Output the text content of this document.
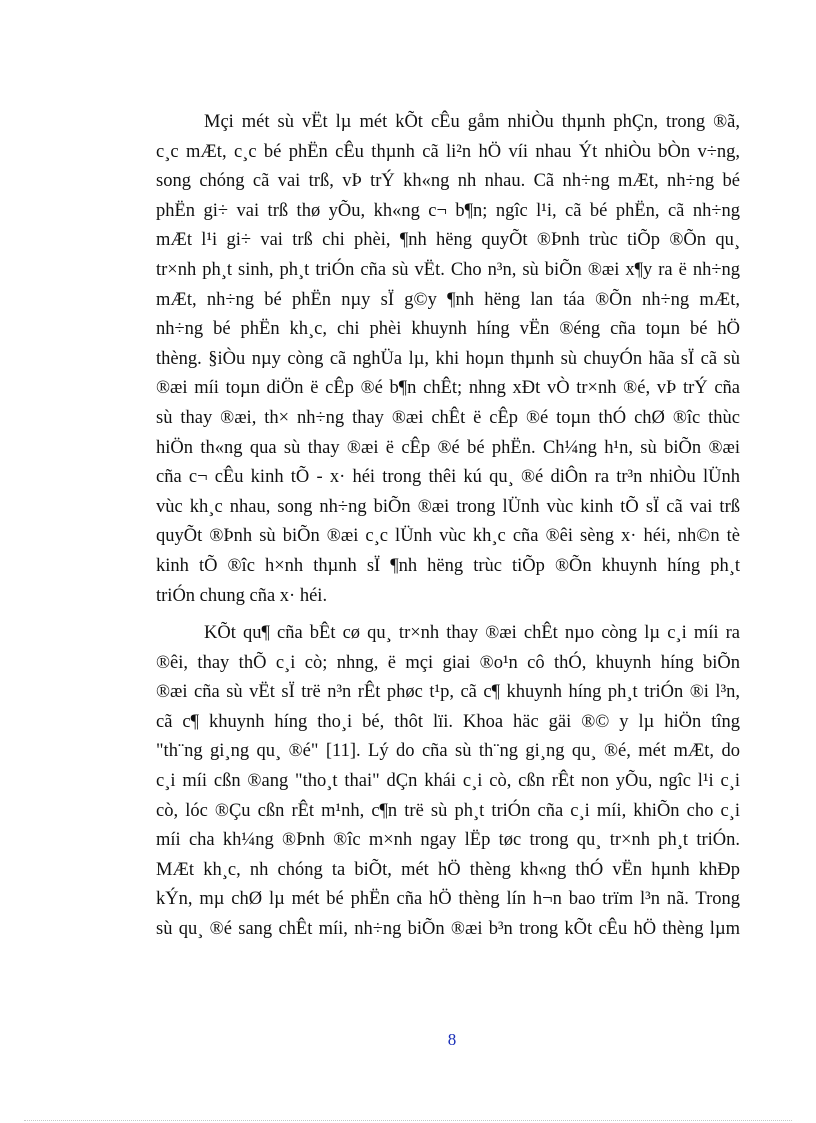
Mçi mét sù vËt lµ mét kÕt cÊu gåm nhiÒu thµnh phÇn, trong ®ã,
c¸c mÆt, c¸c bé phËn cÊu thµnh cã li²n hÖ víi nhau Ýt nhiÒu bÒn v÷ng,
song chóng cã vai trß, vÞ trÝ kh«ng nh nhau. Cã nh÷ng mÆt, nh÷ng bé
phËn gi÷ vai trß thø yÕu, kh«ng c¬ b¶n; ngîc l¹i, cã bé phËn, cã nh÷ng
mÆt l¹i gi÷ vai trß chi phèi, ¶nh hëng quyÕt ®Þnh trùc tiÕp ®Õn qu¸
tr×nh ph¸t sinh, ph¸t triÓn cña sù vËt. Cho n³n, sù biÕn ®æi x¶y ra ë nh÷ng
mÆt, nh÷ng bé phËn nµy sÏ g©y ¶nh hëng lan táa ®Õn nh÷ng mÆt,
nh÷ng bé phËn kh¸c, chi phèi khuynh híng vËn ®éng cña toµn bé hÖ
thèng. §iÒu nµy còng cã nghÜa lµ, khi hoµn thµnh sù chuyÓn hãa sÏ cã sù
®æi míi toµn diÖn ë cÊp ®é b¶n chÊt; nhng xÐt vÒ tr×nh ®é, vÞ trÝ cña
sù thay ®æi, th× nh÷ng thay ®æi chÊt ë cÊp ®é toµn thÓ chØ ®îc thùc
hiÖn th«ng qua sù thay ®æi ë cÊp ®é bé phËn. Ch¼ng h¹n, sù biÕn ®æi
cña c¬ cÊu kinh tÕ - x· héi trong thêi kú qu¸ ®é diÔn ra tr³n nhiÒu lÜnh
vùc kh¸c nhau, song nh÷ng biÕn ®æi trong lÜnh vùc kinh tÕ sÏ cã vai trß
quyÕt ®Þnh sù biÕn ®æi c¸c lÜnh vùc kh¸c cña ®êi sèng x· héi, nh©n tè
kinh tÕ ®îc h×nh thµnh sÏ ¶nh hëng trùc tiÕp ®Õn khuynh híng ph¸t
triÓn chung cña x· héi.

KÕt qu¶ cña bÊt cø qu¸ tr×nh thay ®æi chÊt nµo còng lµ c¸i míi ra
®êi, thay thÕ c¸i cò; nhng, ë mçi giai ®o¹n cô thÓ, khuynh híng biÕn
®æi cña sù vËt sÏ trë n³n rÊt phøc t¹p, cã c¶ khuynh híng ph¸t triÓn ®i l³n,
cã c¶ khuynh híng tho¸i bé, thôt lïi. Khoa häc gäi ®© y lµ hiÖn tîng
"th¨ng gi¸ng qu¸ ®é" [11]. Lý do cña sù th¨ng gi¸ng qu¸ ®é, mét mÆt, do
c¸i míi cßn ®ang "tho¸t thai" dÇn khái c¸i cò, cßn rÊt non yÕu, ngîc l¹i c¸i
cò, lóc ®Çu cßn rÊt m¹nh, c¶n trë sù ph¸t triÓn cña c¸i míi, khiÕn cho c¸i
míi cha kh¼ng ®Þnh ®îc m×nh ngay lËp tøc trong qu¸ tr×nh ph¸t triÓn.
MÆt kh¸c, nh chóng ta biÕt, mét hÖ thèng kh«ng thÓ vËn hµnh khÐp
kÝn, mµ chØ lµ mét bé phËn cña hÖ thèng lín h¬n bao trïm l³n nã. Trong
sù qu¸ ®é sang chÊt míi, nh÷ng biÕn ®æi b³n trong kÕt cÊu hÖ thèng lµm

8
